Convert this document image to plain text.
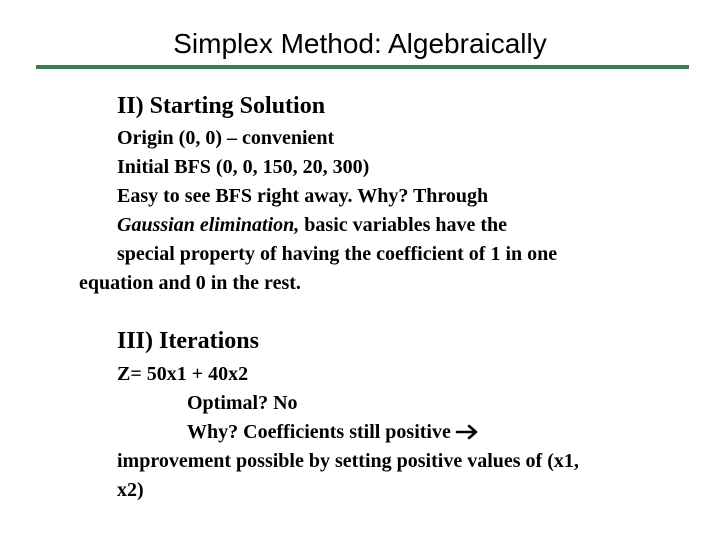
Simplex Method: Algebraically
II) Starting Solution
Origin (0, 0) – convenient
Initial BFS (0, 0, 150, 20, 300)
Easy to see BFS right away. Why? Through
Gaussian elimination, basic variables have the
special property of having the coefficient of 1 in one
equation and 0 in the rest.
III) Iterations
Z= 50x1 + 40x2
Optimal? No
Why? Coefficients still positive
improvement possible by setting positive values of (x1,
x2)
